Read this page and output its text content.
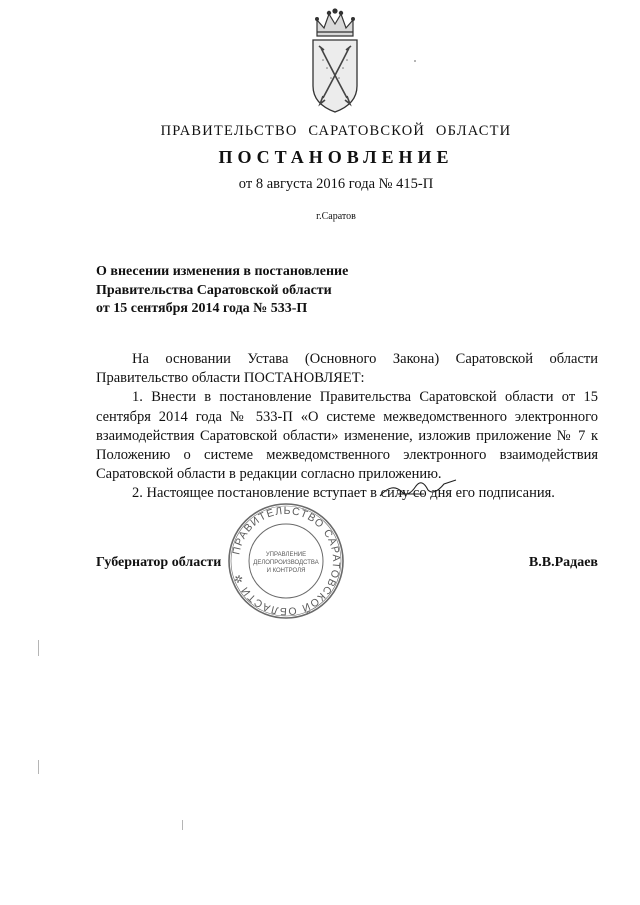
ПРАВИТЕЛЬСТВО САРАТОВСКОЙ ОБЛАСТИ
ПОСТАНОВЛЕНИЕ
от 8 августа 2016 года № 415-П
г.Саратов
О внесении изменения в постановление
Правительства Саратовской области
от 15 сентября 2014 года № 533-П

На основании Устава (Основного Закона) Саратовской области Правительство области ПОСТАНОВЛЯЕТ:

1. Внести в постановление Правительства Саратовской области от 15 сентября 2014 года № 533-П «О системе межведомственного электронного взаимодействия Саратовской области» изменение, изложив приложение № 7 к Положению о системе межведомственного электронного взаимодействия Саратовской области в редакции согласно приложению.

2. Настоящее постановление вступает в силу со дня его подписания.

Губернатор области	В.В.Радаев
ПРАВИТЕЛЬСТВО САРАТОВСКОЙ ОБЛАСТИ ✲
УПРАВЛЕНИЕ
ДЕЛОПРОИЗВОДСТВА
И КОНТРОЛЯ
